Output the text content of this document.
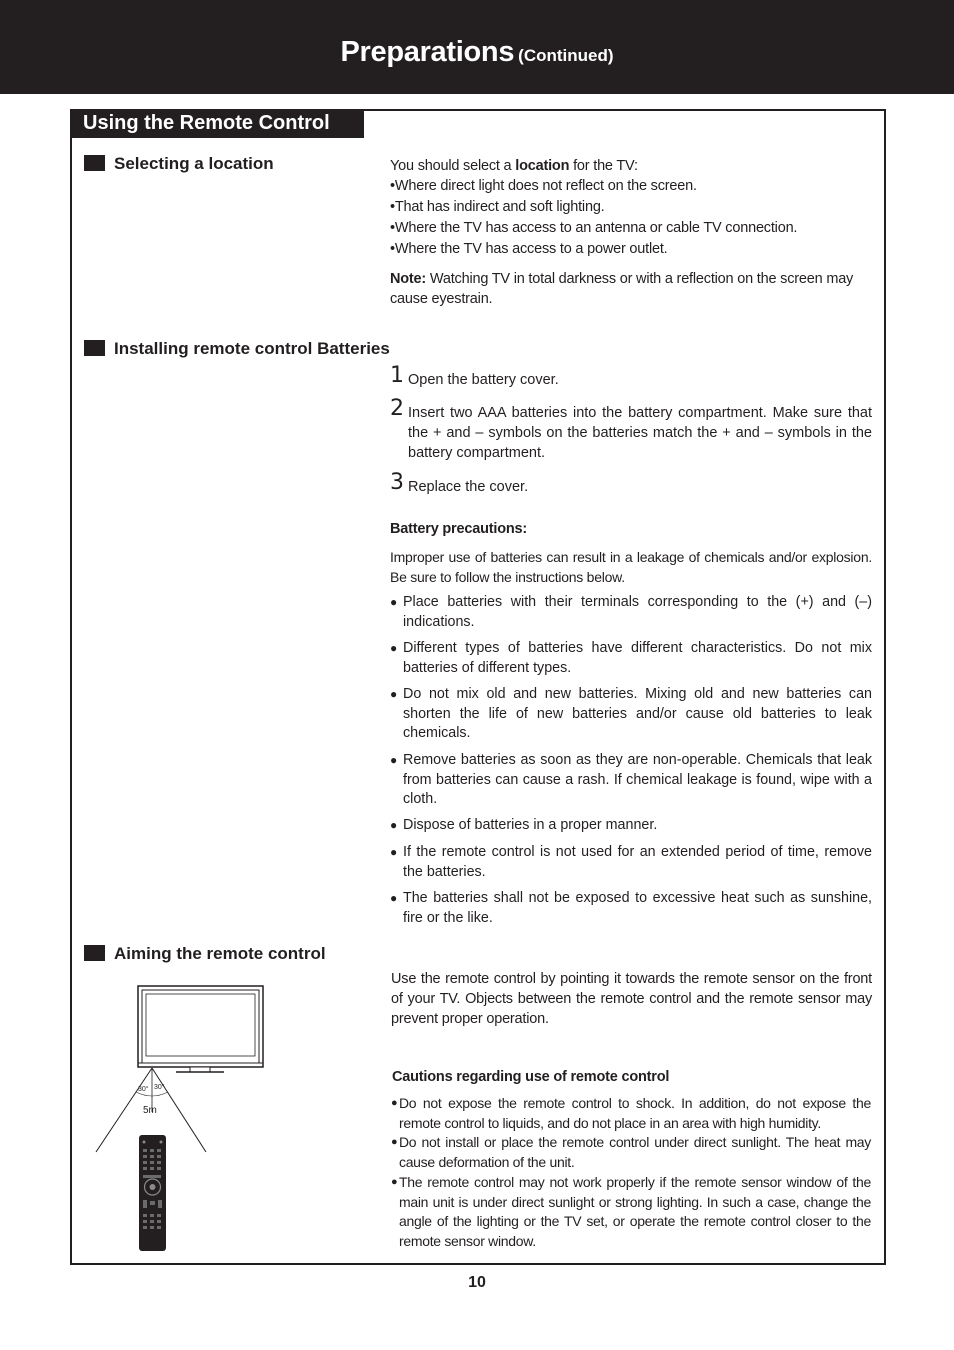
Preparations (Continued)
Using the Remote Control
Selecting a location	You should select a location for the TV:
•Where direct light does not reflect on the screen.
•That has indirect and soft lighting.
•Where the TV has access to an antenna or cable TV connection.
•Where the TV has access to a power outlet.
Note: Watching TV in total darkness or with a reflection on the screen may cause eyestrain.
Installing remote control Batteries
1 Open the battery cover.
2 Insert two AAA batteries into the battery compartment. Make sure that the + and – symbols on the batteries match the + and – symbols in the battery compartment.
3 Replace the cover.
Battery precautions:
Improper use of batteries can result in a leakage of chemicals and/or explosion. Be sure to follow the instructions below.
● Place batteries with their terminals corresponding to the (+) and (–) indications.
● Different types of batteries have different characteristics. Do not mix batteries of different types.
● Do not mix old and new batteries. Mixing old and new batteries can shorten the life of new batteries and/or cause old batteries to leak chemicals.
● Remove batteries as soon as they are non-operable. Chemicals that leak from batteries can cause a rash. If chemical leakage is found, wipe with a cloth.
● Dispose of batteries in a proper manner.
● If the remote control is not used for an extended period of time, remove the batteries.
● The batteries shall not be exposed to excessive heat such as sunshine, fire or the like.
Aiming the remote control
Use the remote control by pointing it towards the remote sensor on the front of your TV. Objects between the remote control and the remote sensor may prevent proper operation.
Cautions regarding use of remote control
● Do not expose the remote control to shock. In addition, do not expose the remote control to liquids, and do not place in an area with high humidity.
● Do not install or place the remote control under direct sunlight. The heat may cause deformation of the unit.
● The remote control may not work properly if the remote sensor window of the main unit is under direct sunlight or strong lighting. In such a case, change the angle of the lighting or the TV set, or operate the remote control closer to the remote sensor window.
30° 30°
5m
10
